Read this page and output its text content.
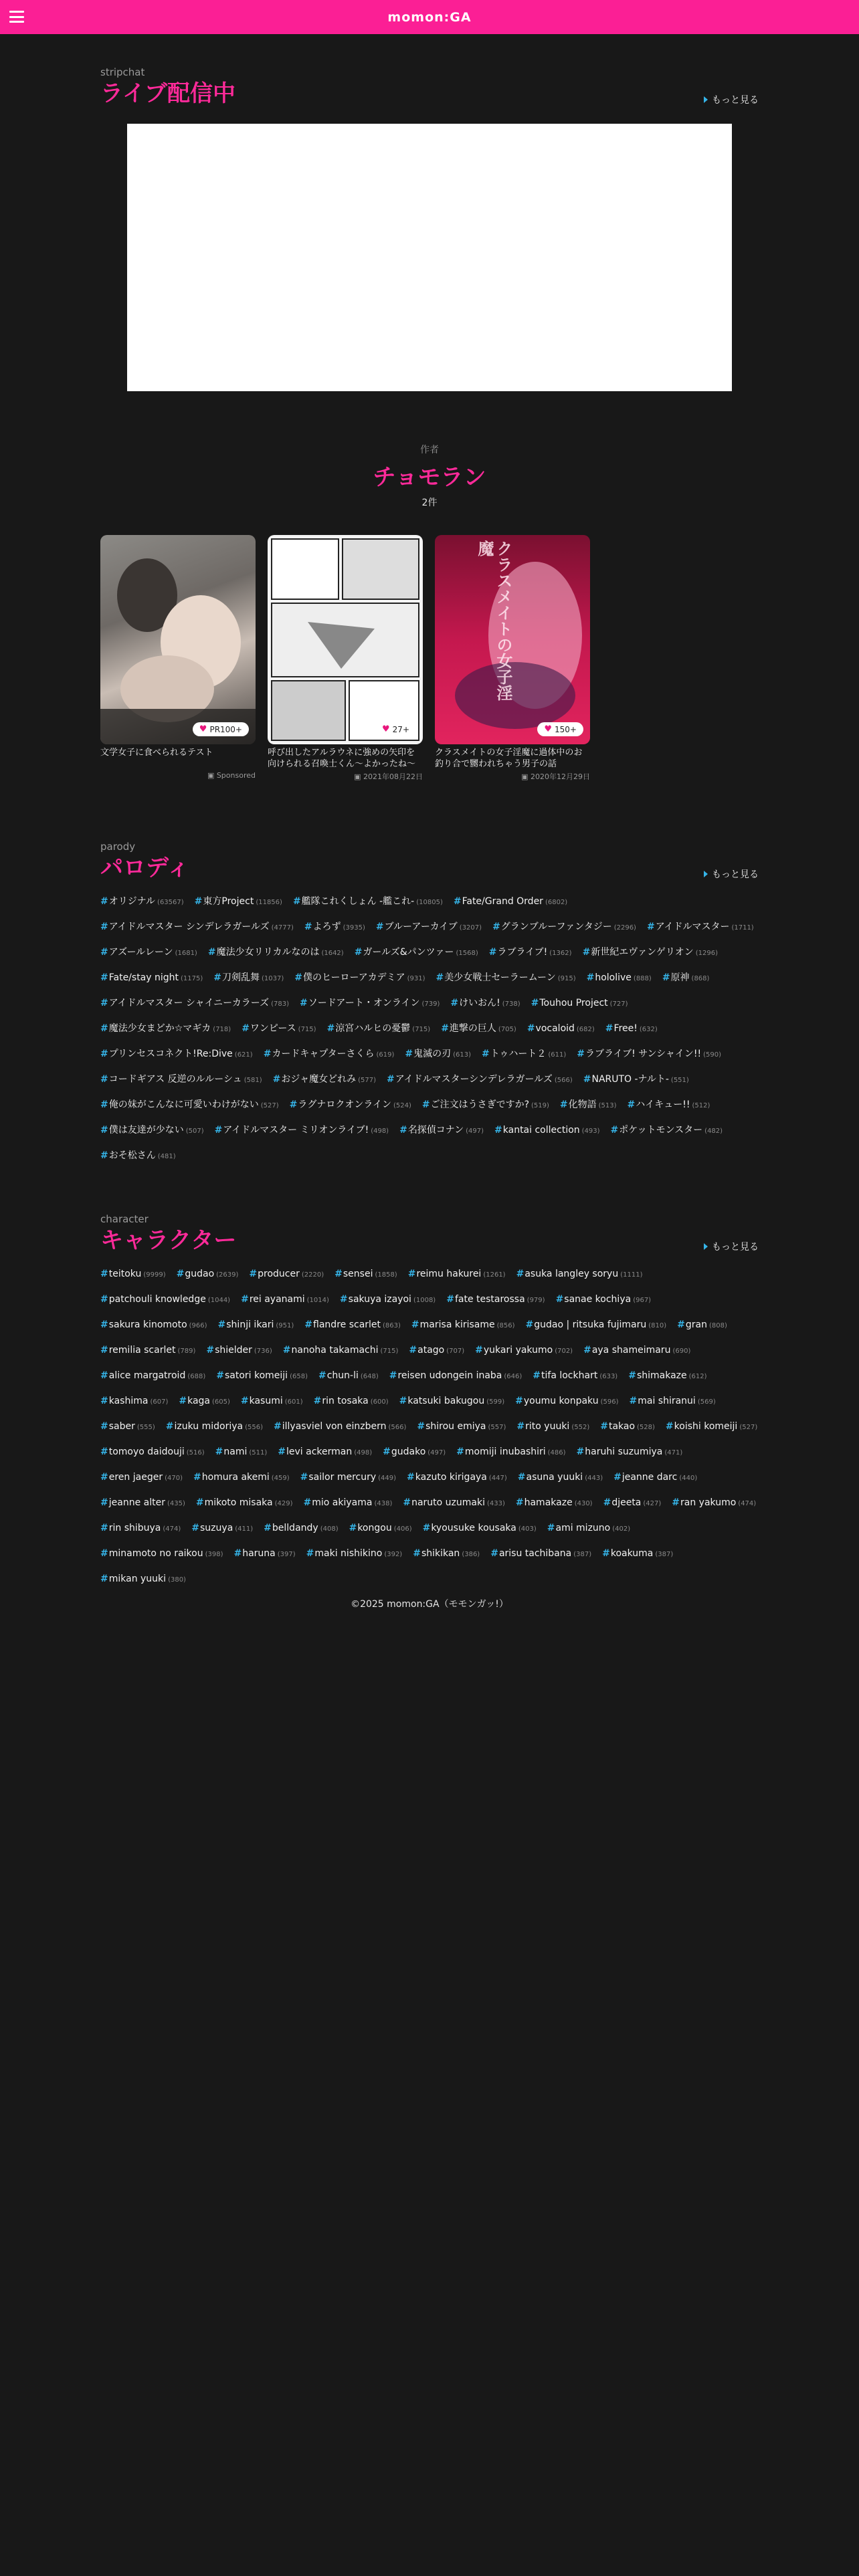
momon:GA
stripchat
ライブ配信中	もっと見る
作者
チョモラン
2件
♥ PR100+
文学女子に食べられるテスト
▣ Sponsored
♥ 27+
呼び出したアルラウネに強めの矢印を向けられる召喚士くん〜よかったね〜
▣ 2021年08月22日
クラスメイトの女子淫魔
♥ 150+
クラスメイトの女子淫魔に過体中のお釣り合で嬲われちゃう男子の話
▣ 2020年12月29日
parody
パロディ	もっと見る
#オリジナル (63567) #東方Project (11856) #艦隊これくしょん -艦これ- (10805) #Fate/Grand Order (6802)
#アイドルマスター シンデレラガールズ (4777) #よろず (3935) #ブルーアーカイブ (3207) #グランブルーファンタジー (2296) #アイドルマスター (1711)
#アズールレーン (1681) #魔法少女リリカルなのは (1642) #ガールズ&パンツァー (1568) #ラブライブ! (1362) #新世紀エヴァンゲリオン (1296)
#Fate/stay night (1175) #刀剣乱舞 (1037) #僕のヒーローアカデミア (931) #美少女戦士セーラームーン (915) #hololive (888) #原神 (868)
#アイドルマスター シャイニーカラーズ (783) #ソードアート・オンライン (739) #けいおん! (738) #Touhou Project (727)
#魔法少女まどか☆マギカ (718) #ワンピース (715) #涼宮ハルヒの憂鬱 (715) #進撃の巨人 (705) #vocaloid (682) #Free! (632)
#プリンセスコネクト!Re:Dive (621) #カードキャプターさくら (619) #鬼滅の刃 (613) #トゥハート２ (611) #ラブライブ! サンシャイン!! (590)
#コードギアス 反逆のルルーシュ (581) #おジャ魔女どれみ (577) #アイドルマスターシンデレラガールズ (566) #NARUTO -ナルト- (551)
#俺の妹がこんなに可愛いわけがない (527) #ラグナロクオンライン (524) #ご注文はうさぎですか? (519) #化物語 (513) #ハイキュー!! (512)
#僕は友達が少ない (507) #アイドルマスター ミリオンライブ! (498) #名探偵コナン (497) #kantai collection (493) #ポケットモンスター (482)
#おそ松さん (481)
character
キャラクター	もっと見る
#teitoku (9999) #gudao (2639) #producer (2220) #sensei (1858) #reimu hakurei (1261) #asuka langley soryu (1111)
#patchouli knowledge (1044) #rei ayanami (1014) #sakuya izayoi (1008) #fate testarossa (979) #sanae kochiya (967)
#sakura kinomoto (966) #shinji ikari (951) #flandre scarlet (863) #marisa kirisame (856) #gudao | ritsuka fujimaru (810) #gran (808)
#remilia scarlet (789) #shielder (736) #nanoha takamachi (715) #atago (707) #yukari yakumo (702) #aya shameimaru (690)
#alice margatroid (688) #satori komeiji (658) #chun-li (648) #reisen udongein inaba (646) #tifa lockhart (633) #shimakaze (612)
#kashima (607) #kaga (605) #kasumi (601) #rin tosaka (600) #katsuki bakugou (599) #youmu konpaku (596) #mai shiranui (569)
#saber (555) #izuku midoriya (556) #illyasviel von einzbern (566) #shirou emiya (557) #rito yuuki (552) #takao (528) #koishi komeiji (527)
#tomoyo daidouji (516) #nami (511) #levi ackerman (498) #gudako (497) #momiji inubashiri (486) #haruhi suzumiya (471)
#eren jaeger (470) #homura akemi (459) #sailor mercury (449) #kazuto kirigaya (447) #asuna yuuki (443) #jeanne darc (440)
#jeanne alter (435) #mikoto misaka (429) #mio akiyama (438) #naruto uzumaki (433) #hamakaze (430) #djeeta (427) #ran yakumo (474)
#rin shibuya (474) #suzuya (411) #belldandy (408) #kongou (406) #kyousuke kousaka (403) #ami mizuno (402)
#minamoto no raikou (398) #haruna (397) #maki nishikino (392) #shikikan (386) #arisu tachibana (387) #koakuma (387)
#mikan yuuki (380)
©2025 momon:GA（モモンガッ!）
